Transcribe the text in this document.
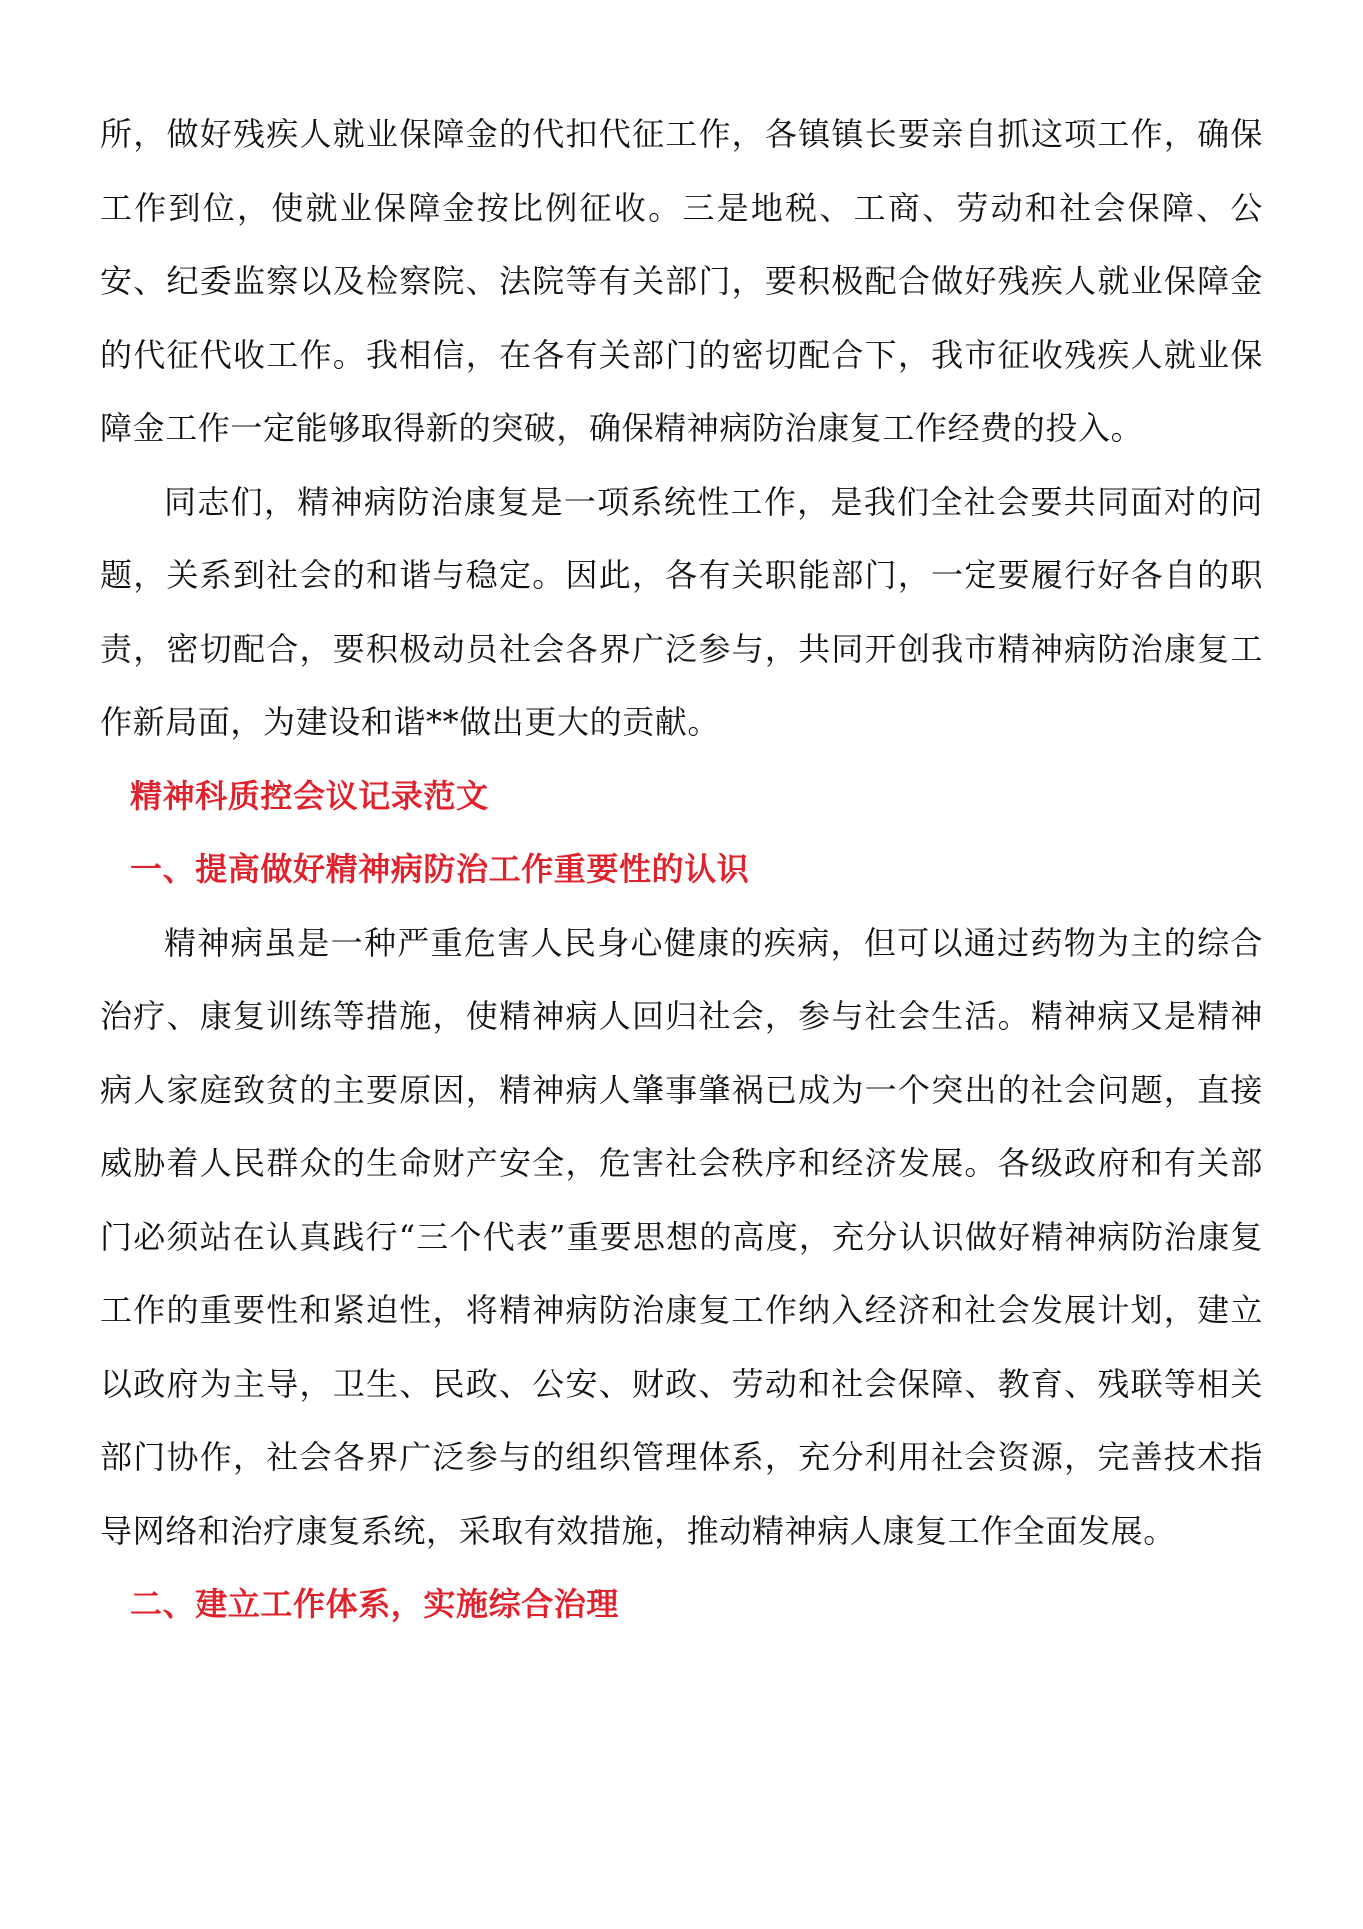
所，做好残疾人就业保障金的代扣代征工作，各镇镇长要亲自抓这项工作，确保工作到位，使就业保障金按比例征收。三是地税、工商、劳动和社会保障、公安、纪委监察以及检察院、法院等有关部门，要积极配合做好残疾人就业保障金的代征代收工作。我相信，在各有关部门的密切配合下，我市征收残疾人就业保障金工作一定能够取得新的突破，确保精神病防治康复工作经费的投入。

同志们，精神病防治康复是一项系统性工作，是我们全社会要共同面对的问题，关系到社会的和谐与稳定。因此，各有关职能部门，一定要履行好各自的职责，密切配合，要积极动员社会各界广泛参与，共同开创我市精神病防治康复工作新局面，为建设和谐**做出更大的贡献。

精神科质控会议记录范文
一、提高做好精神病防治工作重要性的认识

精神病虽是一种严重危害人民身心健康的疾病，但可以通过药物为主的综合治疗、康复训练等措施，使精神病人回归社会，参与社会生活。精神病又是精神病人家庭致贫的主要原因，精神病人肇事肇祸已成为一个突出的社会问题，直接威胁着人民群众的生命财产安全，危害社会秩序和经济发展。各级政府和有关部门必须站在认真践行“三个代表”重要思想的高度，充分认识做好精神病防治康复工作的重要性和紧迫性，将精神病防治康复工作纳入经济和社会发展计划，建立以政府为主导，卫生、民政、公安、财政、劳动和社会保障、教育、残联等相关部门协作，社会各界广泛参与的组织管理体系，充分利用社会资源，完善技术指导网络和治疗康复系统，采取有效措施，推动精神病人康复工作全面发展。

二、建立工作体系，实施综合治理
